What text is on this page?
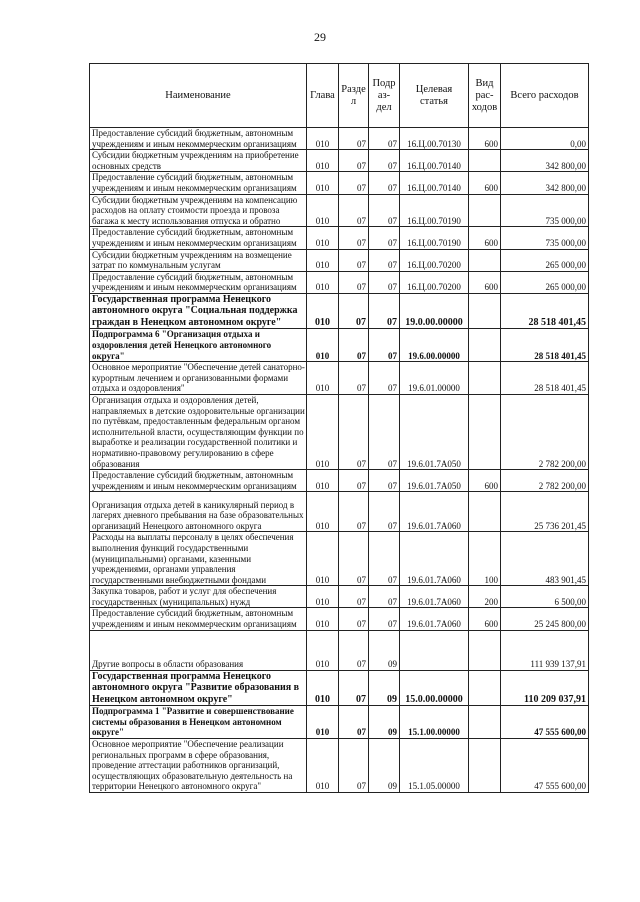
29
Наименование	Глава	Разде л	Подр аз- дел	Целевая статья	Вид рас- ходов	Всего расходов
Предоставление субсидий бюджетным, автономным учреждениям и иным некоммерческим организациям	010	07	07	16.Ц.00.70130	600	0,00
Субсидии бюджетным учреждениям на приобретение основных средств	010	07	07	16.Ц.00.70140		342 800,00
Предоставление субсидий бюджетным, автономным учреждениям и иным некоммерческим организациям	010	07	07	16.Ц.00.70140	600	342 800,00
Субсидии бюджетным учреждениям на компенсацию расходов на оплату стоимости проезда и провоза багажа к месту использования отпуска и обратно	010	07	07	16.Ц.00.70190		735 000,00
Предоставление субсидий бюджетным, автономным учреждениям и иным некоммерческим организациям	010	07	07	16.Ц.00.70190	600	735 000,00
Субсидии бюджетным учреждениям на возмещение затрат по коммунальным услугам	010	07	07	16.Ц.00.70200		265 000,00
Предоставление субсидий бюджетным, автономным учреждениям и иным некоммерческим организациям	010	07	07	16.Ц.00.70200	600	265 000,00
Государственная программа Ненецкого автономного округа "Социальная поддержка граждан в Ненецком автономном округе"	010	07	07	19.0.00.00000		28 518 401,45
Подпрограмма 6 "Организация отдыха и оздоровления детей Ненецкого автономного округа"	010	07	07	19.6.00.00000		28 518 401,45
Основное мероприятие "Обеспечение детей санаторно-курортным лечением и организованными формами отдыха и оздоровления"	010	07	07	19.6.01.00000		28 518 401,45
Организация отдыха и оздоровления детей, направляемых в детские оздоровительные организации по путёвкам, предоставленным федеральным органом исполнительной власти, осуществляющим функции по выработке и реализации государственной политики и нормативно-правовому регулированию в сфере образования	010	07	07	19.6.01.7A050		2 782 200,00
Предоставление субсидий бюджетным, автономным учреждениям и иным некоммерческим организациям	010	07	07	19.6.01.7A050	600	2 782 200,00
Организация отдыха детей в каникулярный период в лагерях дневного пребывания на базе образовательных организаций Ненецкого автономного округа	010	07	07	19.6.01.7A060		25 736 201,45
Расходы на выплаты персоналу в целях обеспечения выполнения функций государственными (муниципальными) органами, казенными учреждениями, органами управления государственными внебюджетными фондами	010	07	07	19.6.01.7A060	100	483 901,45
Закупка товаров, работ и услуг для обеспечения государственных (муниципальных) нужд	010	07	07	19.6.01.7A060	200	6 500,00
Предоставление субсидий бюджетным, автономным учреждениям и иным некоммерческим организациям	010	07	07	19.6.01.7A060	600	25 245 800,00
Другие вопросы в области образования	010	07	09			111 939 137,91
Государственная программа Ненецкого автономного округа "Развитие образования в Ненецком автономном округе"	010	07	09	15.0.00.00000		110 209 037,91
Подпрограмма 1 "Развитие и совершенствование системы образования в Ненецком автономном округе"	010	07	09	15.1.00.00000		47 555 600,00
Основное мероприятие "Обеспечение реализации региональных программ в сфере образования, проведение аттестации работников организаций, осуществляющих образовательную деятельность на территории Ненецкого автономного округа"	010	07	09	15.1.05.00000		47 555 600,00
